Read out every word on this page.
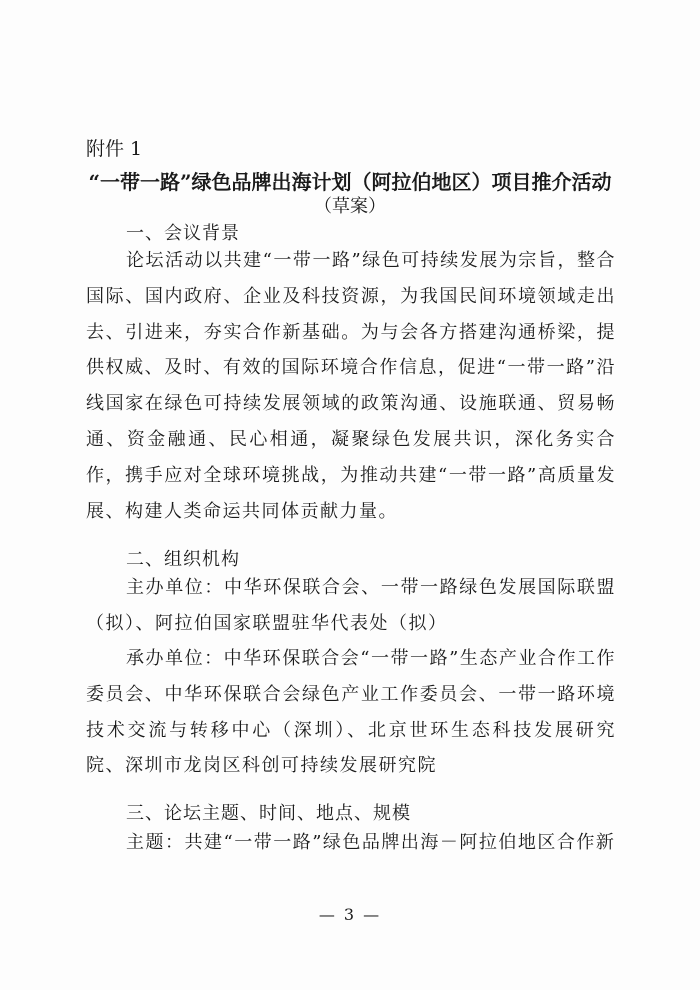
附件 1
“一带一路”绿色品牌出海计划（阿拉伯地区）项目推介活动
（草案）
一、会议背景

论坛活动以共建“一带一路”绿色可持续发展为宗旨，整合国际、国内政府、企业及科技资源，为我国民间环境领域走出去、引进来，夯实合作新基础。为与会各方搭建沟通桥梁，提供权威、及时、有效的国际环境合作信息，促进“一带一路”沿线国家在绿色可持续发展领域的政策沟通、设施联通、贸易畅通、资金融通、民心相通，凝聚绿色发展共识，深化务实合作，携手应对全球环境挑战，为推动共建“一带一路”高质量发展、构建人类命运共同体贡献力量。

二、组织机构

主办单位：中华环保联合会、一带一路绿色发展国际联盟（拟）、阿拉伯国家联盟驻华代表处（拟）

承办单位：中华环保联合会“一带一路”生态产业合作工作委员会、中华环保联合会绿色产业工作委员会、一带一路环境技术交流与转移中心（深圳）、北京世环生态科技发展研究院、深圳市龙岗区科创可持续发展研究院

三、论坛主题、时间、地点、规模

主题：共建“一带一路”绿色品牌出海－阿拉伯地区合作新

— 3 —
